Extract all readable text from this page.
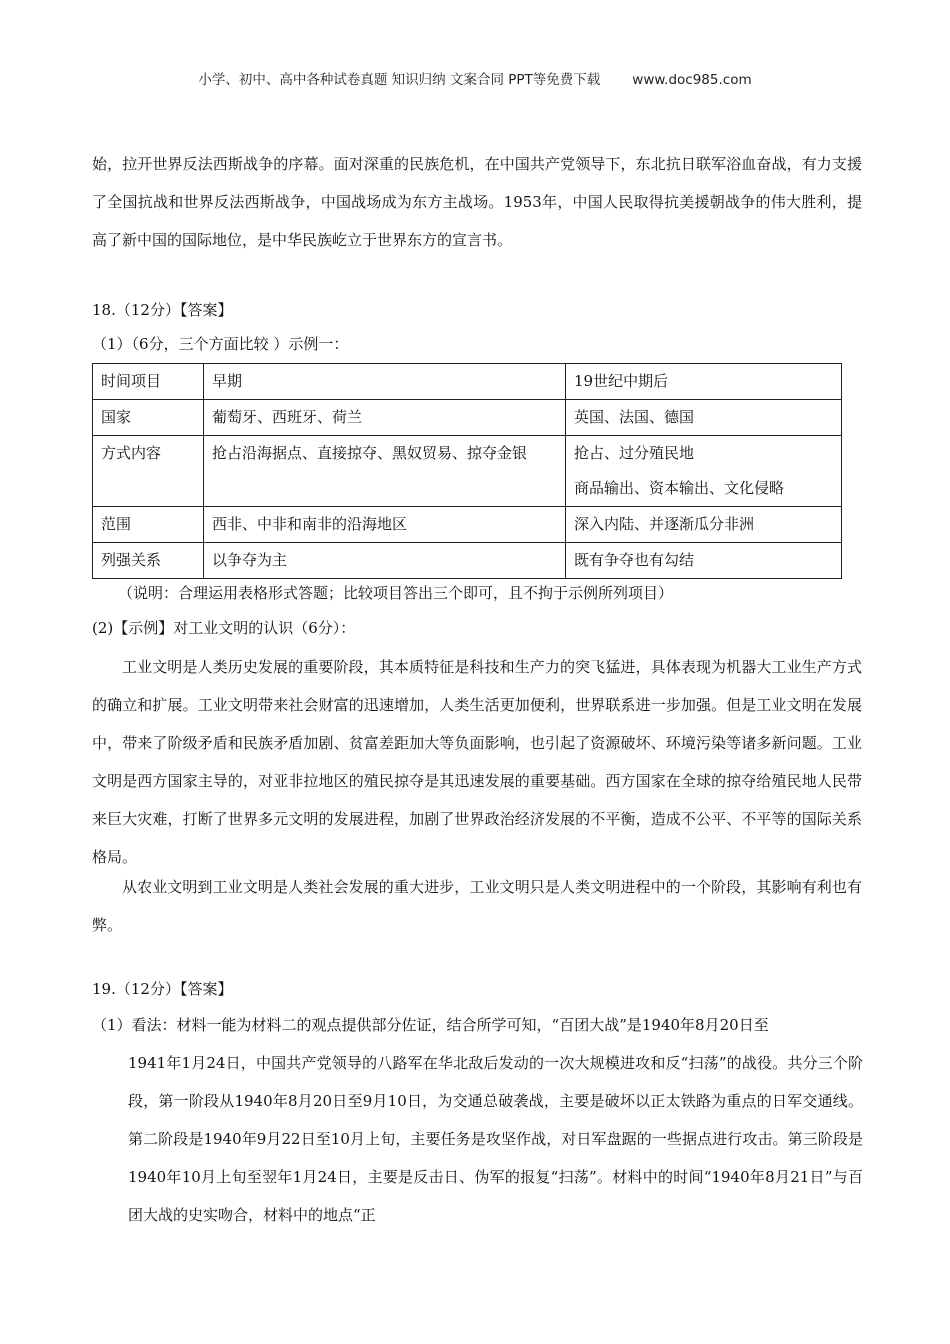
小学、初中、高中各种试卷真题 知识归纳 文案合同 PPT等免费下载 www.doc985.com
始，拉开世界反法西斯战争的序幕。面对深重的民族危机，在中国共产党领导下，东北抗日联军浴血奋战，有力支援了全国抗战和世界反法西斯战争，中国战场成为东方主战场。1953年，中国人民取得抗美援朝战争的伟大胜利，提高了新中国的国际地位，是中华民族屹立于世界东方的宣言书。
18.（12分）【答案】
（1）（6分，三个方面比较 ）示例一：
时间项目	早期	19世纪中期后
国家	葡萄牙、西班牙、荷兰	英国、法国、德国
方式内容	抢占沿海据点、直接掠夺、黑奴贸易、掠夺金银	抢占、过分殖民地
商品输出、资本输出、文化侵略

范围	西非、中非和南非的沿海地区	深入内陆、并逐渐瓜分非洲
列强关系	以争夺为主	既有争夺也有勾结
（说明：合理运用表格形式答题；比较项目答出三个即可，且不拘于示例所列项目）
(2)【示例】对工业文明的认识（6分）：
工业文明是人类历史发展的重要阶段，其本质特征是科技和生产力的突飞猛进，具体表现为机器大工业生产方式的确立和扩展。工业文明带来社会财富的迅速增加，人类生活更加便利，世界联系进一步加强。但是工业文明在发展中，带来了阶级矛盾和民族矛盾加剧、贫富差距加大等负面影响，也引起了资源破坏、环境污染等诸多新问题。工业文明是西方国家主导的，对亚非拉地区的殖民掠夺是其迅速发展的重要基础。西方国家在全球的掠夺给殖民地人民带来巨大灾难，打断了世界多元文明的发展进程，加剧了世界政治经济发展的不平衡，造成不公平、不平等的国际关系格局。
从农业文明到工业文明是人类社会发展的重大进步，工业文明只是人类文明进程中的一个阶段，其影响有利也有弊。
19.（12分）【答案】
（1）看法：材料一能为材料二的观点提供部分佐证，结合所学可知，“百团大战”是1940年8月20日至
1941年1月24日，中国共产党领导的八路军在华北敌后发动的一次大规模进攻和反“扫荡”的战役。共分三个阶段，第一阶段从1940年8月20日至9月10日，为交通总破袭战，主要是破坏以正太铁路为重点的日军交通线。第二阶段是1940年9月22日至10月上旬，主要任务是攻坚作战，对日军盘踞的一些据点进行攻击。第三阶段是1940年10月上旬至翌年1月24日，主要是反击日、伪军的报复“扫荡”。材料中的时间“1940年8月21日”与百团大战的史实吻合，材料中的地点“正
